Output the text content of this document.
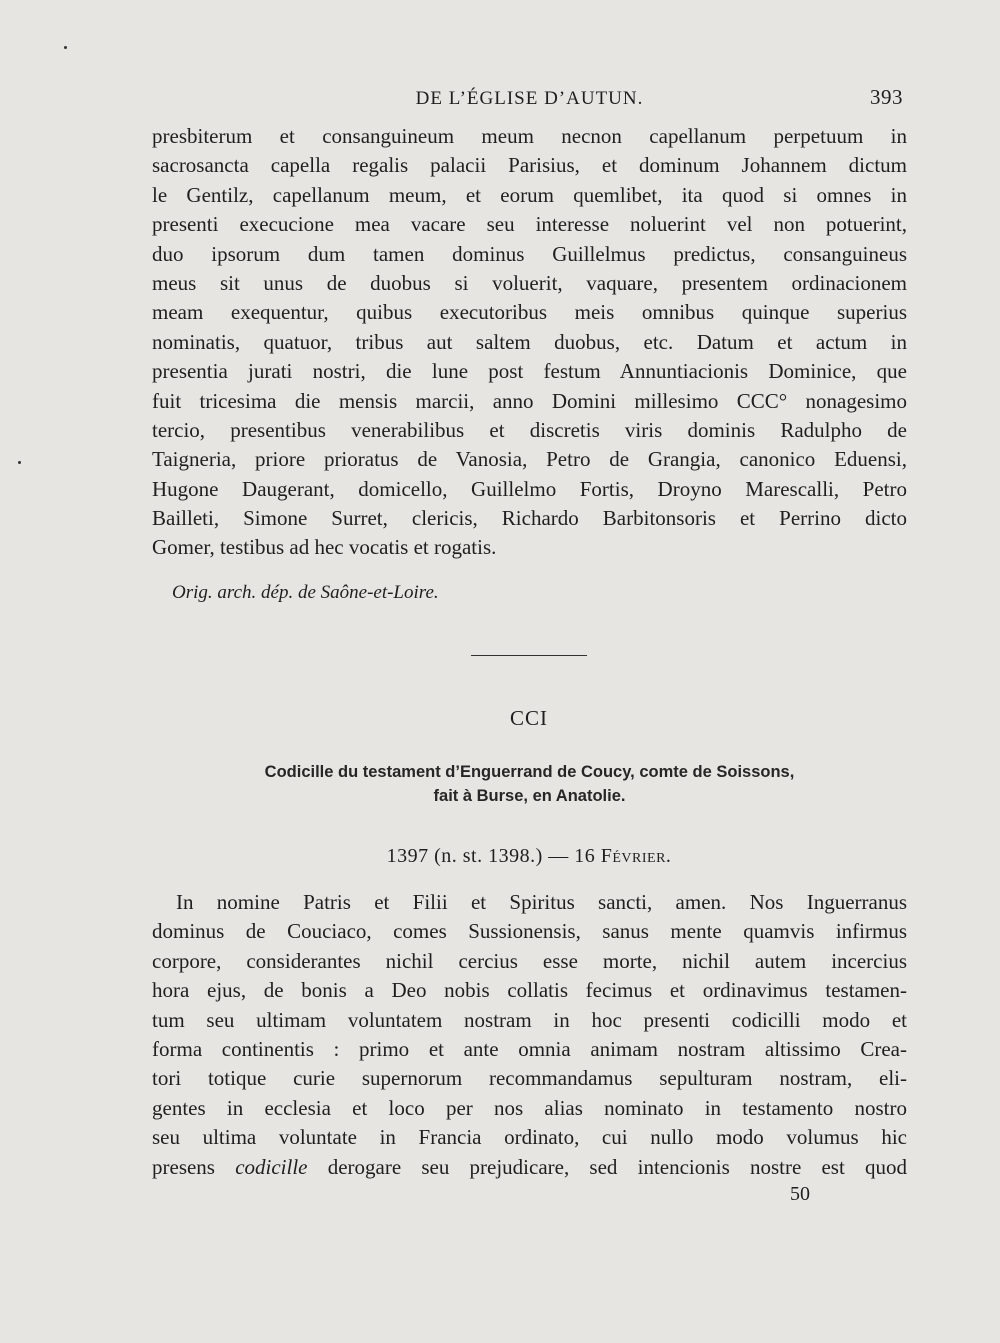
DE L’ÉGLISE D’AUTUN.	393
presbiterum et consanguineum meum necnon capellanum perpetuum in
sacrosancta capella regalis palacii Parisius, et dominum Johannem dictum
le Gentilz, capellanum meum, et eorum quemlibet, ita quod si omnes in
presenti execucione mea vacare seu interesse noluerint vel non potuerint,
duo ipsorum dum tamen dominus Guillelmus predictus, consanguineus
meus sit unus de duobus si voluerit, vaquare, presentem ordinacionem
meam exequentur, quibus executoribus meis omnibus quinque superius
nominatis, quatuor, tribus aut saltem duobus, etc. Datum et actum in
presentia jurati nostri, die lune post festum Annuntiacionis Dominice, que
fuit tricesima die mensis marcii, anno Domini millesimo CCC° nonagesimo
tercio, presentibus venerabilibus et discretis viris dominis Radulpho de
Taigneria, priore prioratus de Vanosia, Petro de Grangia, canonico Eduensi,
Hugone Daugerant, domicello, Guillelmo Fortis, Droyno Marescalli, Petro
Bailleti, Simone Surret, clericis, Richardo Barbitonsoris et Perrino dicto
Gomer, testibus ad hec vocatis et rogatis.
Orig. arch. dép. de Saône-et-Loire.
CCI
Codicille du testament d’Enguerrand de Coucy, comte de Soissons,
fait à Burse, en Anatolie.
1397 (n. st. 1398.) — 16 Février.
In nomine Patris et Filii et Spiritus sancti, amen. Nos Inguerranus
dominus de Couciaco, comes Sussionensis, sanus mente quamvis infirmus
corpore, considerantes nichil cercius esse morte, nichil autem incercius
hora ejus, de bonis a Deo nobis collatis fecimus et ordinavimus testamen-
tum seu ultimam voluntatem nostram in hoc presenti codicilli modo et
forma continentis : primo et ante omnia animam nostram altissimo Crea-
tori totique curie supernorum recommandamus sepulturam nostram, eli-
gentes in ecclesia et loco per nos alias nominato in testamento nostro
seu ultima voluntate in Francia ordinato, cui nullo modo volumus hic
presens codicille derogare seu prejudicare, sed intencionis nostre est quod
50
